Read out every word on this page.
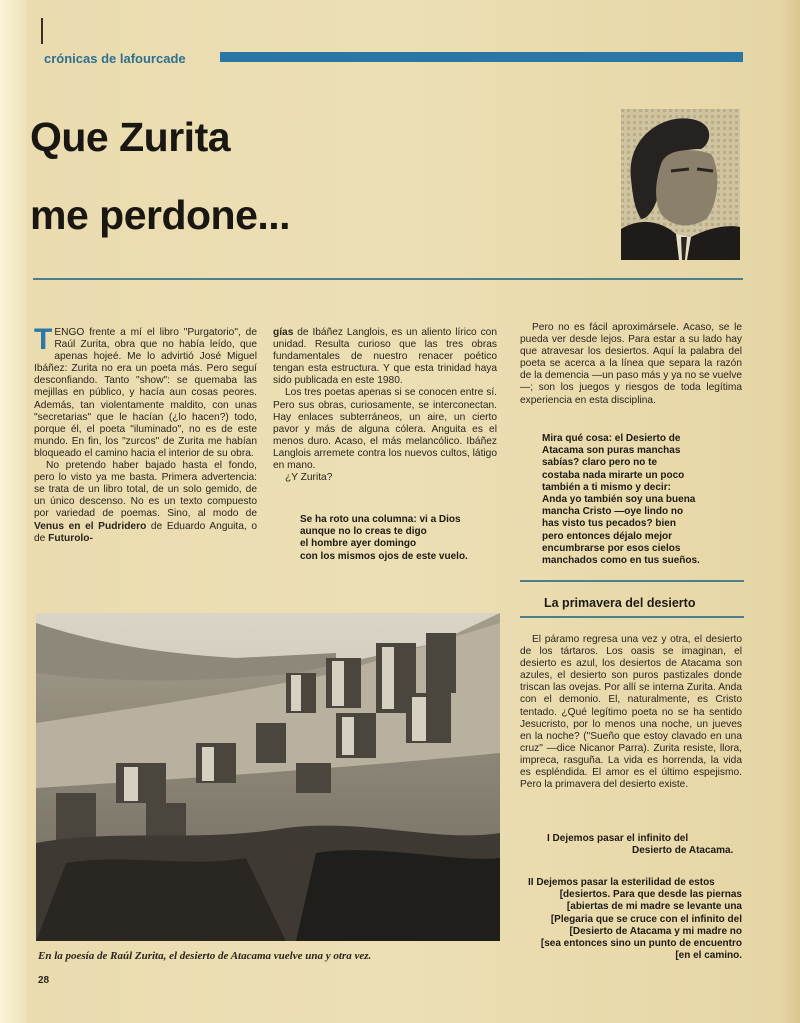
crónicas de lafourcade
Que Zurita
me perdone...

TENGO frente a mí el libro "Purgatorio", de Raúl Zurita, obra que no había leído, que apenas hojeé. Me lo advirtió José Miguel Ibáñez: Zurita no era un poeta más. Pero seguí desconfiando. Tanto "show": se quemaba las mejillas en público, y hacía aun cosas peores. Además, tan violentamente maldito, con unas "secretarias" que le hacían (¿lo hacen?) todo, porque él, el poeta "iluminado", no es de este mundo. En fin, los "zurcos" de Zurita me habían bloqueado el camino hacia el interior de su obra.

No pretendo haber bajado hasta el fondo, pero lo visto ya me basta. Primera advertencia: se trata de un libro total, de un solo gemido, de un único descenso. No es un texto compuesto por variedad de poemas. Sino, al modo de Venus en el Pudridero de Eduardo Anguita, o de Futurolo-

gías de Ibáñez Langlois, es un aliento lírico con unidad. Resulta curioso que las tres obras fundamentales de nuestro renacer poético tengan esta estructura. Y que esta trinidad haya sido publicada en este 1980.

Los tres poetas apenas si se conocen entre sí. Pero sus obras, curiosamente, se interconectan. Hay enlaces subterráneos, un aire, un cierto pavor y más de alguna cólera. Anguita es el menos duro. Acaso, el más melancólico. Ibáñez Langlois arremete contra los nuevos cultos, látigo en mano.

¿Y Zurita?

Se ha roto una columna: vi a Dios
aunque no lo creas te digo
el hombre ayer domingo
con los mismos ojos de este vuelo.

Pero no es fácil aproximársele. Acaso, se le pueda ver desde lejos. Para estar a su lado hay que atravesar los desiertos. Aquí la palabra del poeta se acerca a la línea que separa la razón de la demencia —un paso más y ya no se vuelve—; son los juegos y riesgos de toda legítima experiencia en esta disciplina.

Mira qué cosa: el Desierto de
Atacama son puras manchas
sabías? claro pero no te
costaba nada mirarte un poco
también a ti mismo y decir:
Anda yo también soy una buena
mancha Cristo —oye lindo no
has visto tus pecados? bien
pero entonces déjalo mejor
encumbrarse por esos cielos
manchados como en tus sueños.
La primavera del desierto

El páramo regresa una vez y otra, el desierto de los tártaros. Los oasis se imaginan, el desierto es azul, los desiertos de Atacama son azules, el desierto son puros pastizales donde triscan las ovejas. Por allí se interna Zurita. Anda con el demonio. El, naturalmente, es Cristo tentado. ¿Qué legítimo poeta no se ha sentido Jesucristo, por lo menos una noche, un jueves en la noche? ("Sueño que estoy clavado en una cruz" —dice Nicanor Parra). Zurita resiste, llora, impreca, rasguña. La vida es horrenda, la vida es espléndida. El amor es el último espejismo. Pero la primavera del desierto existe.

I Dejemos pasar el infinito del
Desierto de Atacama.
II Dejemos pasar la esterilidad de estos
[desiertos. Para que desde las piernas
[abiertas de mi madre se levante una
[Plegaria que se cruce con el infinito del
[Desierto de Atacama y mi madre no
[sea entonces sino un punto de encuentro
[en el camino.
En la poesía de Raúl Zurita, el desierto de Atacama vuelve una y otra vez.
28
